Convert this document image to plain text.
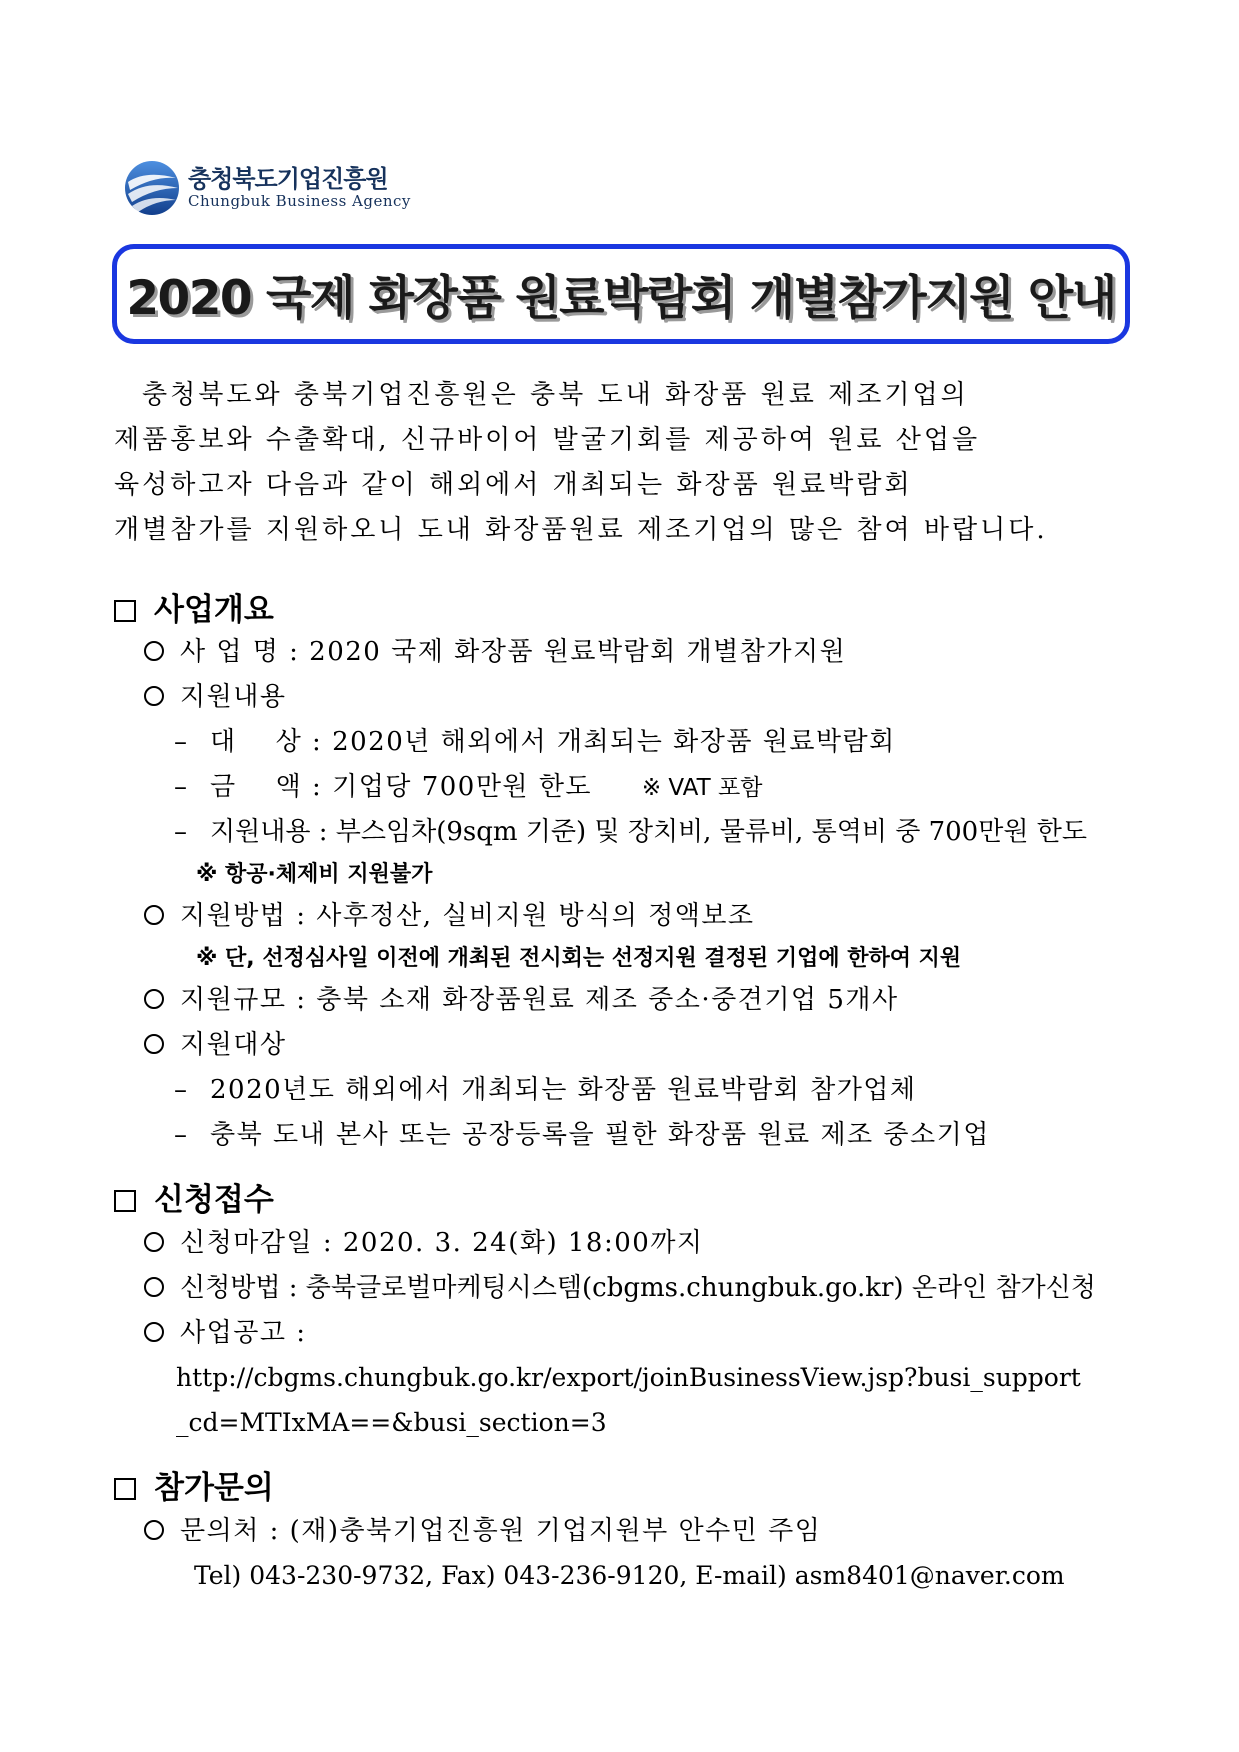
충청북도기업진흥원
Chungbuk Business Agency
2020 국제 화장품 원료박람회 개별참가지원 안내
충청북도와 충북기업진흥원은 충북 도내 화장품 원료 제조기업의
제품홍보와 수출확대, 신규바이어 발굴기회를 제공하여 원료 산업을
육성하고자 다음과 같이 해외에서 개최되는 화장품 원료박람회
개별참가를 지원하오니 도내 화장품원료 제조기업의 많은 참여 바랍니다.
사업개요
사 업 명 : 2020 국제 화장품 원료박람회 개별참가지원
지원내용
– 대    상 : 2020년 해외에서 개최되는 화장품 원료박람회
– 금    액 : 기업당 700만원 한도 ※ VAT 포함
– 지원내용 : 부스임차(9sqm 기준) 및 장치비, 물류비, 통역비 중 700만원 한도
※ 항공·체제비 지원불가
지원방법 : 사후정산, 실비지원 방식의 정액보조
※ 단, 선정심사일 이전에 개최된 전시회는 선정지원 결정된 기업에 한하여 지원
지원규모 : 충북 소재 화장품원료 제조 중소·중견기업 5개사
지원대상
– 2020년도 해외에서 개최되는 화장품 원료박람회 참가업체
– 충북 도내 본사 또는 공장등록을 필한 화장품 원료 제조 중소기업
신청접수
신청마감일 : 2020. 3. 24(화) 18:00까지
신청방법 : 충북글로벌마케팅시스템(cbgms.chungbuk.go.kr) 온라인 참가신청
사업공고 :
http://cbgms.chungbuk.go.kr/export/joinBusinessView.jsp?busi_support
_cd=MTIxMA==&busi_section=3
참가문의
문의처 : (재)충북기업진흥원 기업지원부 안수민 주임
Tel) 043-230-9732, Fax) 043-236-9120, E-mail) asm8401@naver.com
